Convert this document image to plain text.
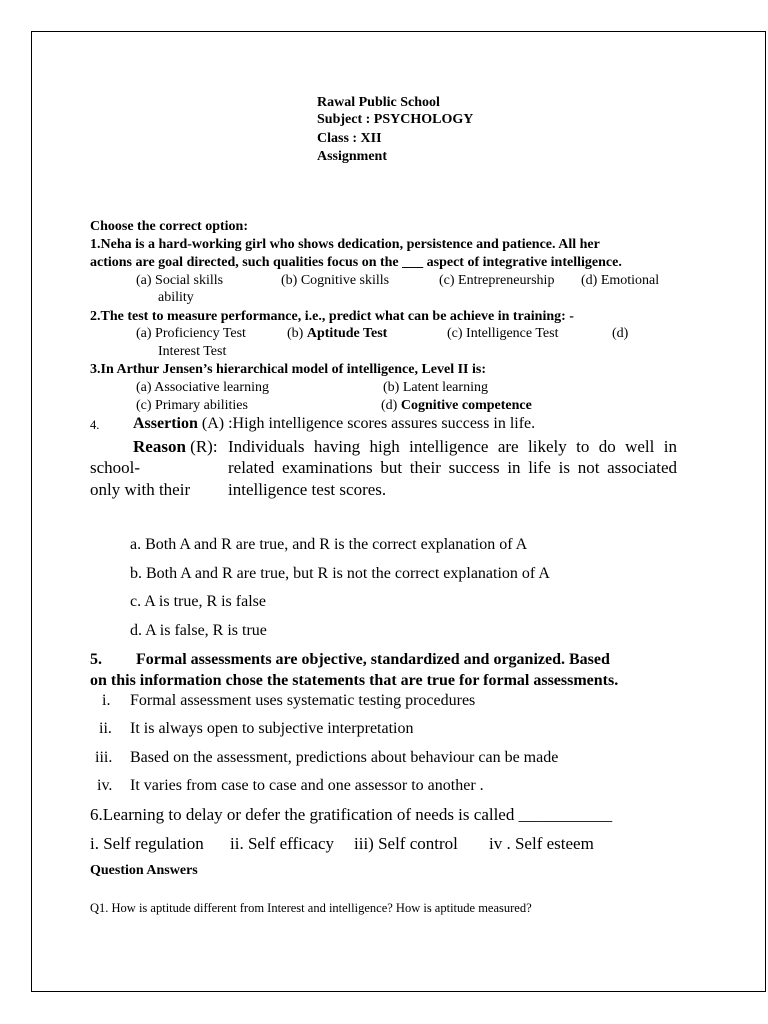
Rawal Public School
Subject : PSYCHOLOGY
Class : XII
Assignment
Choose the correct option:
1.Neha is a hard-working girl who shows dedication, persistence and patience. All her
actions are goal directed, such qualities focus on the ___ aspect of integrative intelligence.
(a) Social skills	(b) Cognitive skills	(c) Entrepreneurship (d) Emotional
ability
2.The test to measure performance, i.e., predict what can be achieve in training: -
(a) Proficiency Test	(b) Aptitude Test	(c) Intelligence Test	(d)
Interest Test
3.In Arthur Jensen’s hierarchical model of intelligence, Level II is:
(a) Associative learning	(b) Latent learning
(c) Primary abilities	(d) Cognitive competence
4. Assertion (A) :High intelligence scores assures success in life.
Reason (R): Individuals having high intelligence are likely to do well in
school-	related examinations but their success in life is not associated
only with their intelligence test scores.
a. Both A and R are true, and R is the correct explanation of A
b. Both A and R are true, but R is not the correct explanation of A
c. A is true, R is false
d. A is false, R is true
5. Formal assessments are objective, standardized and organized. Based
on this information chose the statements that are true for formal assessments.
i. Formal assessment uses systematic testing procedures
ii. It is always open to subjective interpretation
iii. Based on the assessment, predictions about behaviour can be made
iv. It varies from case to case and one assessor to another .
6.Learning to delay or defer the gratification of needs is called ___________
i. Self regulation ii. Self efficacy iii) Self control iv . Self esteem
Question Answers
Q1. How is aptitude different from Interest and intelligence? How is aptitude measured?
